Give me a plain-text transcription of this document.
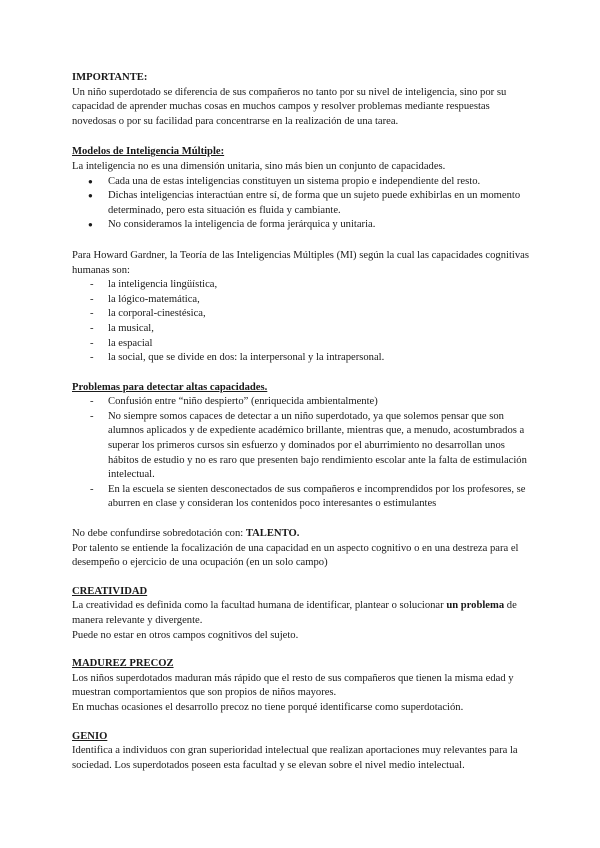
IMPORTANTE:

Un niño superdotado se diferencia de sus compañeros no tanto por su nivel de inteligencia, sino por su capacidad de aprender muchas cosas en muchos campos y resolver problemas mediante respuestas novedosas o por su facilidad para concentrarse en la realización de una tarea.

Modelos de Inteligencia Múltiple:

La inteligencia no es una dimensión unitaria, sino más bien un conjunto de capacidades.

● Cada una de estas inteligencias constituyen un sistema propio e independiente del resto.
● Dichas inteligencias interactúan entre sí, de forma que un sujeto puede exhibirlas en un momento determinado, pero esta situación es fluida y cambiante.
● No consideramos la inteligencia de forma jerárquica y unitaria.

Para Howard Gardner, la Teoría de las Inteligencias Múltiples (MI) según la cual las capacidades cognitivas humanas son:

- la inteligencia lingüística,
- la lógico-matemática,
- la corporal-cinestésica,
- la musical,
- la espacial
- la social, que se divide en dos: la interpersonal y la intrapersonal.

Problemas para detectar altas capacidades.

- Confusión entre “niño despierto” (enriquecida ambientalmente)
- No siempre somos capaces de detectar a un niño superdotado, ya que solemos pensar que son alumnos aplicados y de expediente académico brillante, mientras que, a menudo, acostumbrados a superar los primeros cursos sin esfuerzo y dominados por el aburrimiento no desarrollan unos hábitos de estudio y no es raro que presenten bajo rendimiento escolar ante la falta de estimulación intelectual.
- En la escuela se sienten desconectados de sus compañeros e incomprendidos por los profesores, se aburren en clase y consideran los contenidos poco interesantes o estimulantes

No debe confundirse sobredotación con: TALENTO.

Por talento se entiende la focalización de una capacidad en un aspecto cognitivo o en una destreza para el desempeño o ejercicio de una ocupación (en un solo campo)

CREATIVIDAD

La creatividad es definida como la facultad humana de identificar, plantear o solucionar un problema de manera relevante y divergente.

Puede no estar en otros campos cognitivos del sujeto.

MADUREZ PRECOZ

Los niños superdotados maduran más rápido que el resto de sus compañeros que tienen la misma edad y muestran comportamientos que son propios de niños mayores.

En muchas ocasiones el desarrollo precoz no tiene porqué identificarse como superdotación.

GENIO

Identifica a individuos con gran superioridad intelectual que realizan aportaciones muy relevantes para la sociedad. Los superdotados poseen esta facultad y se elevan sobre el nivel medio intelectual.
